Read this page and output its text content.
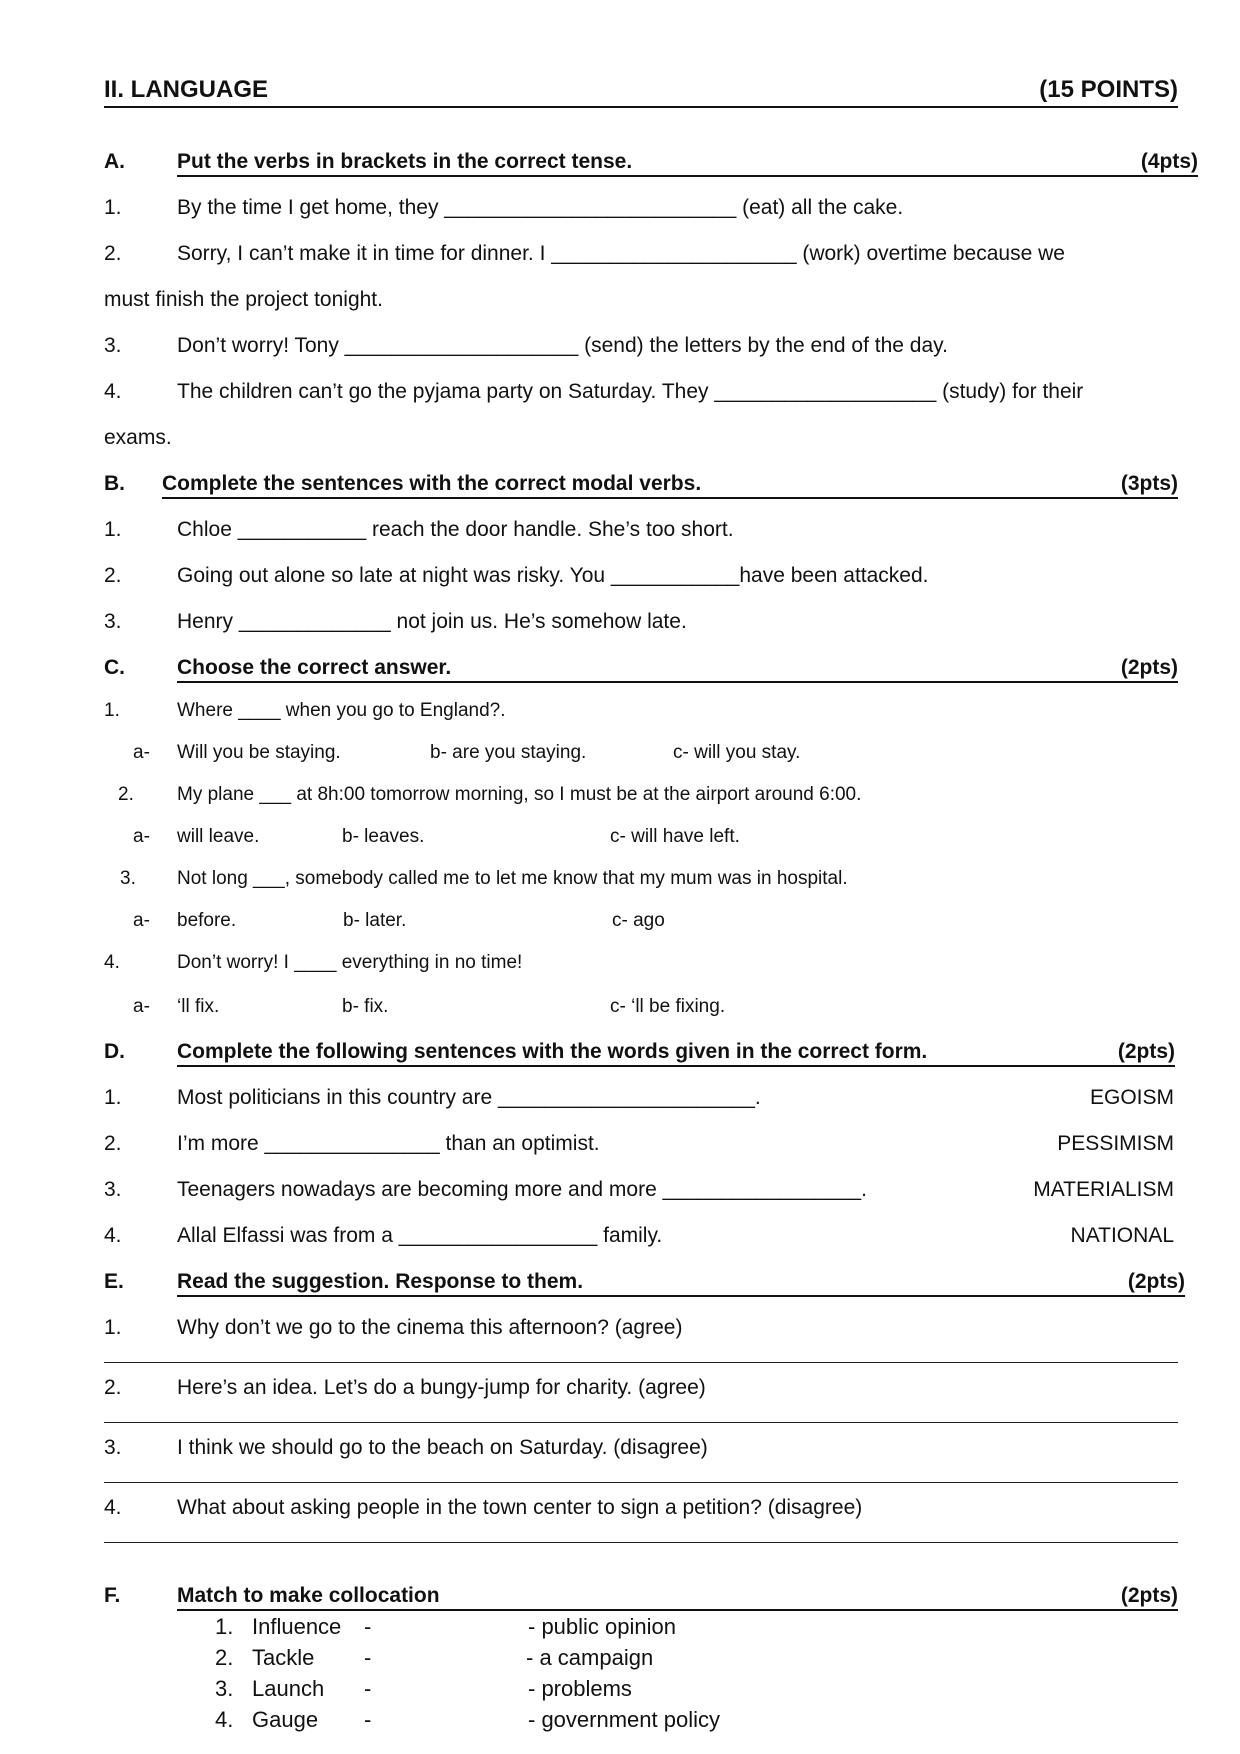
II. LANGUAGE	(15 POINTS)
A. Put the verbs in brackets in the correct tense.	(4pts)
1.	By the time I get home, they _________________________ (eat) all the cake.
2.	Sorry, I can’t make it in time for dinner. I _____________________ (work) overtime because we
must finish the project tonight.
3.	Don’t worry! Tony ____________________ (send) the letters by the end of the day.
4.	The children can’t go the pyjama party on Saturday. They ___________________ (study) for their
exams.
B. Complete the sentences with the correct modal verbs.	(3pts)
1.	Chloe ___________ reach the door handle. She’s too short.
2.	Going out alone so late at night was risky. You ___________have been attacked.
3.	Henry _____________ not join us. He’s somehow late.
C. Choose the correct answer.	(2pts)
1.	Where ____ when you go to England?.
a- Will you be staying.	b- are you staying.	c- will you stay.
2. My plane ___ at 8h:00 tomorrow morning, so I must be at the airport around 6:00.
a- will leave.	b- leaves.	c- will have left.
3. Not long ___, somebody called me to let me know that my mum was in hospital.
a- before.	b- later.	c- ago
4.	Don’t worry! I ____ everything in no time!
a- ‘ll fix.	b- fix.	c- ‘ll be fixing.
D. Complete the following sentences with the words given in the correct form.	(2pts)
1.	Most politicians in this country are ______________________.	EGOISM
2.	I’m more _______________ than an optimist.	PESSIMISM
3.	Teenagers nowadays are becoming more and more _________________.	MATERIALISM
4.	Allal Elfassi was from a _________________ family.	NATIONAL
E.	Read the suggestion. Response to them.	(2pts)
1.	Why don’t we go to the cinema this afternoon? (agree)
2.	Here’s an idea. Let’s do a bungy-jump for charity. (agree)
3.	I think we should go to the beach on Saturday. (disagree)
4.	What about asking people in the town center to sign a petition? (disagree)
F.	Match to make collocation	(2pts)
1. Influence -	- public opinion
2. Tackle -	- a campaign
3. Launch -	- problems
4. Gauge -	- government policy
